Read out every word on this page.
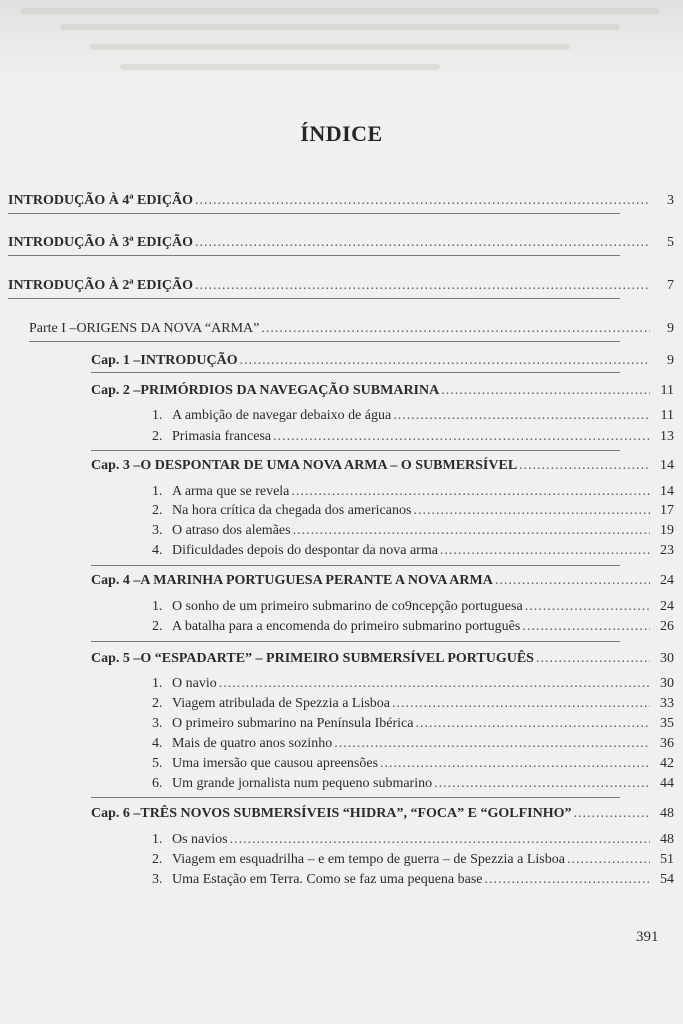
ÍNDICE
INTRODUÇÃO À 4ª EDIÇÃO .....	3
INTRODUÇÃO À 3ª EDIÇÃO .....	5
INTRODUÇÃO À 2ª EDIÇÃO .....	7
Parte I – ORIGENS DA NOVA “ARMA” .....	9
Cap. 1 – INTRODUÇÃO .....	9
Cap. 2 – PRIMÓRDIOS DA NAVEGAÇÃO SUBMARINA .....	11
1. A ambição de navegar debaixo de água .....	11
2. Primasia francesa .....	13
Cap. 3 – O DESPONTAR DE UMA NOVA ARMA – O SUBMERSÍVEL .....	14
1. A arma que se revela .....	14
2. Na hora crítica da chegada dos americanos .....	17
3. O atraso dos alemães .....	19
4. Dificuldades depois do despontar da nova arma .....	23
Cap. 4 – A MARINHA PORTUGUESA PERANTE A NOVA ARMA .....	24
1. O sonho de um primeiro submarino de co9ncepção portuguesa .....	24
2. A batalha para a encomenda do primeiro submarino português .....	26
Cap. 5 – O “ESPADARTE” – PRIMEIRO SUBMERSÍVEL PORTUGUÊS .....	30
1. O navio .....	30
2. Viagem atribulada de Spezzia a Lisboa .....	33
3. O primeiro submarino na Península Ibérica .....	35
4. Mais de quatro anos sozinho .....	36
5. Uma imersão que causou apreensões .....	42
6. Um grande jornalista num pequeno submarino .....	44
Cap. 6 – TRÊS NOVOS SUBMERSÍVEIS “HIDRA”, “FOCA” E “GOLFINHO” .....	48
1. Os navios .....	48
2. Viagem em esquadrilha – e em tempo de guerra – de Spezzia a Lisboa .....	51
3. Uma Estação em Terra. Como se faz uma pequena base .....	54
391
